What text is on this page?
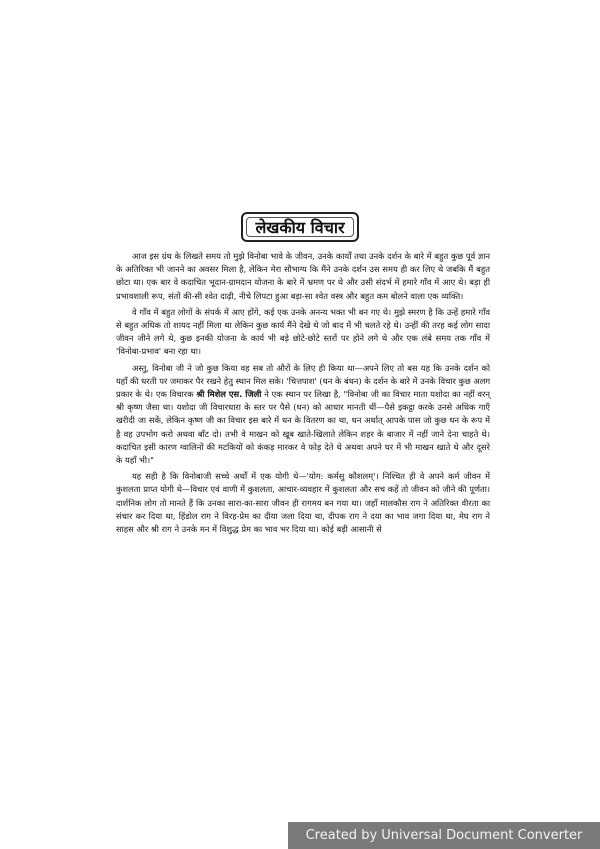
लेखकीय विचार

आज इस ग्रंथ के लिखते समय तो मुझे विनोबा भावे के जीवन, उनके कार्यों तथा उनके दर्शन के बारे में बहुत कुछ पूर्व ज्ञान के अतिरिक्त भी जानने का अवसर मिला है, लेकिन मेरा सौभाग्य कि मैंने उनके दर्शन उस समय ही कर लिए थे जबकि मैं बहुत छोटा था। एक बार वे कदाचित भूदान-ग्रामदान योजना के बारे में भ्रमण पर थे और उसी संदर्भ में हमारे गाँव में आए थे। बड़ा ही प्रभावशाली रूप, संतों की-सी श्वेत दाढ़ी, नीचे लिपटा हुआ बड़ा-सा श्वेत वस्त्र और बहुत कम बोलने वाला एक व्यक्ति।

वे गाँव में बहुत लोगों के संपर्क में आए होंगे, कई एक उनके अनन्य भक्त भी बन गए थे। मुझे स्मरण है कि उन्हें हमारे गाँव से बहुत अधिक तो शायद नहीं मिला था लेकिन कुछ कार्य मैंने देखे थे जो बाद में भी चलते रहे थे। उन्हीं की तरह कई लोग सादा जीवन जीने लगे थे, कुछ इनकी योजना के कार्य भी बड़े छोटे-छोटे स्तरों पर होने लगे थे और एक लंबे समय तक गाँव में 'विनोबा-प्रभाव' बना रहा था।

अस्तु, विनोबा जी ने जो कुछ किया वह सब तो औरों के लिए ही किया था—अपने लिए तो बस यह कि उनके दर्शन को यहाँ की धरती पर जमाकर पैर रखने हेतु स्थान मिल सके। 'चित्तपाश' (धन के बंधन) के दर्शन के बारे में उनके विचार कुछ अलग प्रकार के थे। एक विचारक श्री मिशेल एस. जिली ने एक स्थान पर लिखा है, "विनोबा जी का विचार माता यशोदा का नहीं वरन् श्री कृष्ण जैसा था। यशोदा जी विचारधारा के स्तर पर पैसे (धन) को आधार मानती थीं—पैसे इकट्ठा करके उनसे अधिक गाएँ खरीदी जा सकें, लेकिन कृष्ण जी का विचार इस बारे में धन के वितरण का था, धन अर्थात् आपके पास जो कुछ धन के रूप में है वह उपभोग करो अथवा बाँट दो। तभी वे माखन को खूब खाते-खिलाते लेकिन शहर के बाजार में नहीं जाने देना चाहते थे। कदाचित इसी कारण ग्वालिनों की मटकियों को कंकड़ मारकर वे फोड़ देते थे अथवा अपने घर में भी माखन खाते थे और दूसरे के यहाँ भी।"

यह सही है कि विनोबाजी सच्चे अर्थों में एक योगी थे—'योग: कर्मसु कौशलम्'। निश्चित ही वे अपने कर्म जीवन में कुशलता प्राप्त योगी थे—विचार एवं वाणी में कुशलता, आचार-व्यवहार में कुशलता और सच कहें तो जीवन को जीने की पूर्णता। दार्शनिक लोग तो मानते हैं कि उनका सारा-का-सारा जीवन ही रागमय बन गया था। जहाँ मालकौस राग ने अतिरिक्त वीरता का संचार कर दिया था, हिंडोल राग ने विरह-प्रेम का दीया जला दिया था, दीपक राग ने दया का भाव जगा दिया था, मेघ राग ने साहस और श्री राग ने उनके मन में विशुद्ध प्रेम का भाव भर दिया था। कोई बड़ी आसानी से

Created by Universal Document Converter
